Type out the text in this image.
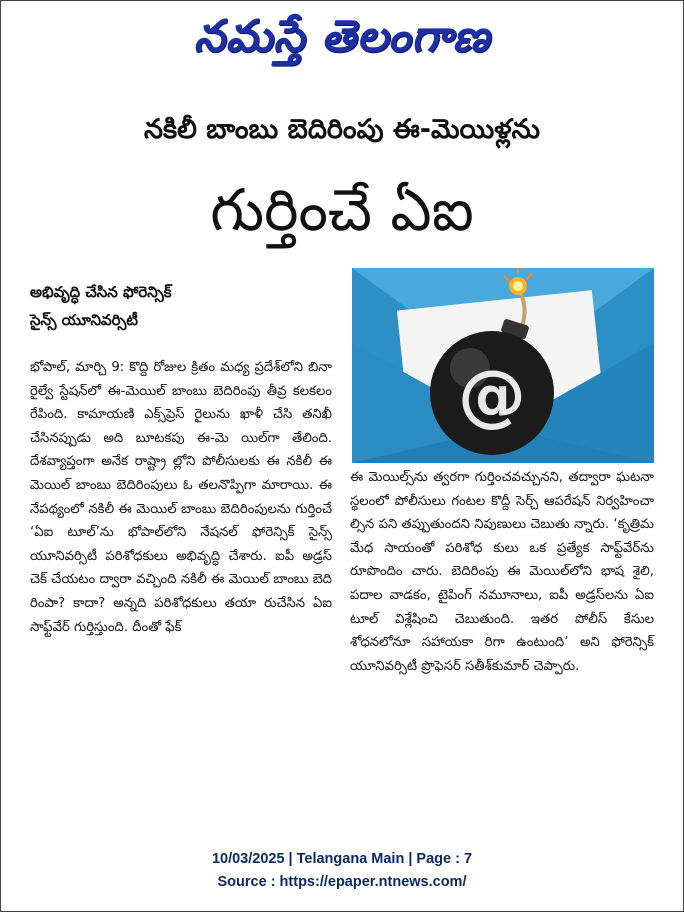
నమస్తే తెలంగాణ
నకిలీ బాంబు బెదిరింపు ఈ-మెయిళ్లను
గుర్తించే ఏఐ
అభివృద్ధి చేసిన ఫోరెన్సిక్
సైన్స్ యూనివర్సిటీ
@

భోపాల్, మార్చి 9: కొద్ది రోజుల క్రితం మధ్య ప్రదేశ్‌లోని బినా రైల్వే స్టేషన్‌లో ఈ-మెయిల్ బాంబు బెదిరింపు తీవ్ర కలకలం రేపింది. కామాయణి ఎక్స్‌ప్రెస్ రైలును ఖాళీ చేసి తనిఖీ చేసినప్పుడు అది బూటకపు ఈ-మె యిల్‌గా తేలింది. దేశవ్యాప్తంగా అనేక రాష్ట్రా ల్లోని పోలీసులకు ఈ నకిలీ ఈ మెయిల్ బాంబు బెదిరింపులు ఓ తలనొప్పిగా మారాయి. ఈ నేపథ్యంలో నకిలీ ఈ మెయిల్ బాంబు బెదిరింపులను గుర్తించే ‘ఏఐ టూల్’ను భోపాల్‌లోని నేషనల్ ఫోరెన్సిక్ సైన్స్ యూనివర్సిటీ పరిశోధకులు అభివృద్ధి చేశారు. ఐపీ అడ్రస్ చెక్ చేయటం ద్వారా వచ్చింది నకిలీ ఈ మెయిల్ బాంబు బెది రింపా? కాదా? అన్నది పరిశోధకులు తయా రుచేసిన ఏఐ సాఫ్ట్‌వేర్ గుర్తిస్తుంది. దీంతో ఫేక్

ఈ మెయిల్స్‌ను త్వరగా గుర్తించవచ్చునని, తద్వారా ఘటనా స్థలంలో పోలీసులు గంటల కొద్దీ సెర్చ్ ఆపరేషన్ నిర్వహించా ల్సిన పని తప్పుతుందని నిపుణులు చెబుతు న్నారు. ‘కృత్రిమ మేధ సాయంతో పరిశోధ కులు ఒక ప్రత్యేక సాఫ్ట్‌వేర్‌ను రూపొందిం చారు. బెదిరింపు ఈ మెయిల్‌లోని భాష శైలి, పదాల వాడకం, టైపింగ్ నమూనాలు, ఐపీ అడ్రస్‌లను ఏఐ టూల్ విశ్లేషించి చెబుతుంది. ఇతర పోలీస్ కేసుల శోధనలోనూ సహాయకా రిగా ఉంటుంది’ అని ఫోరెన్సిక్ యూనివర్సిటీ ప్రొఫెసర్ సతీశ్‌కుమార్ చెప్పారు.

10/03/2025 | Telangana Main | Page : 7
Source : https://epaper.ntnews.com/
